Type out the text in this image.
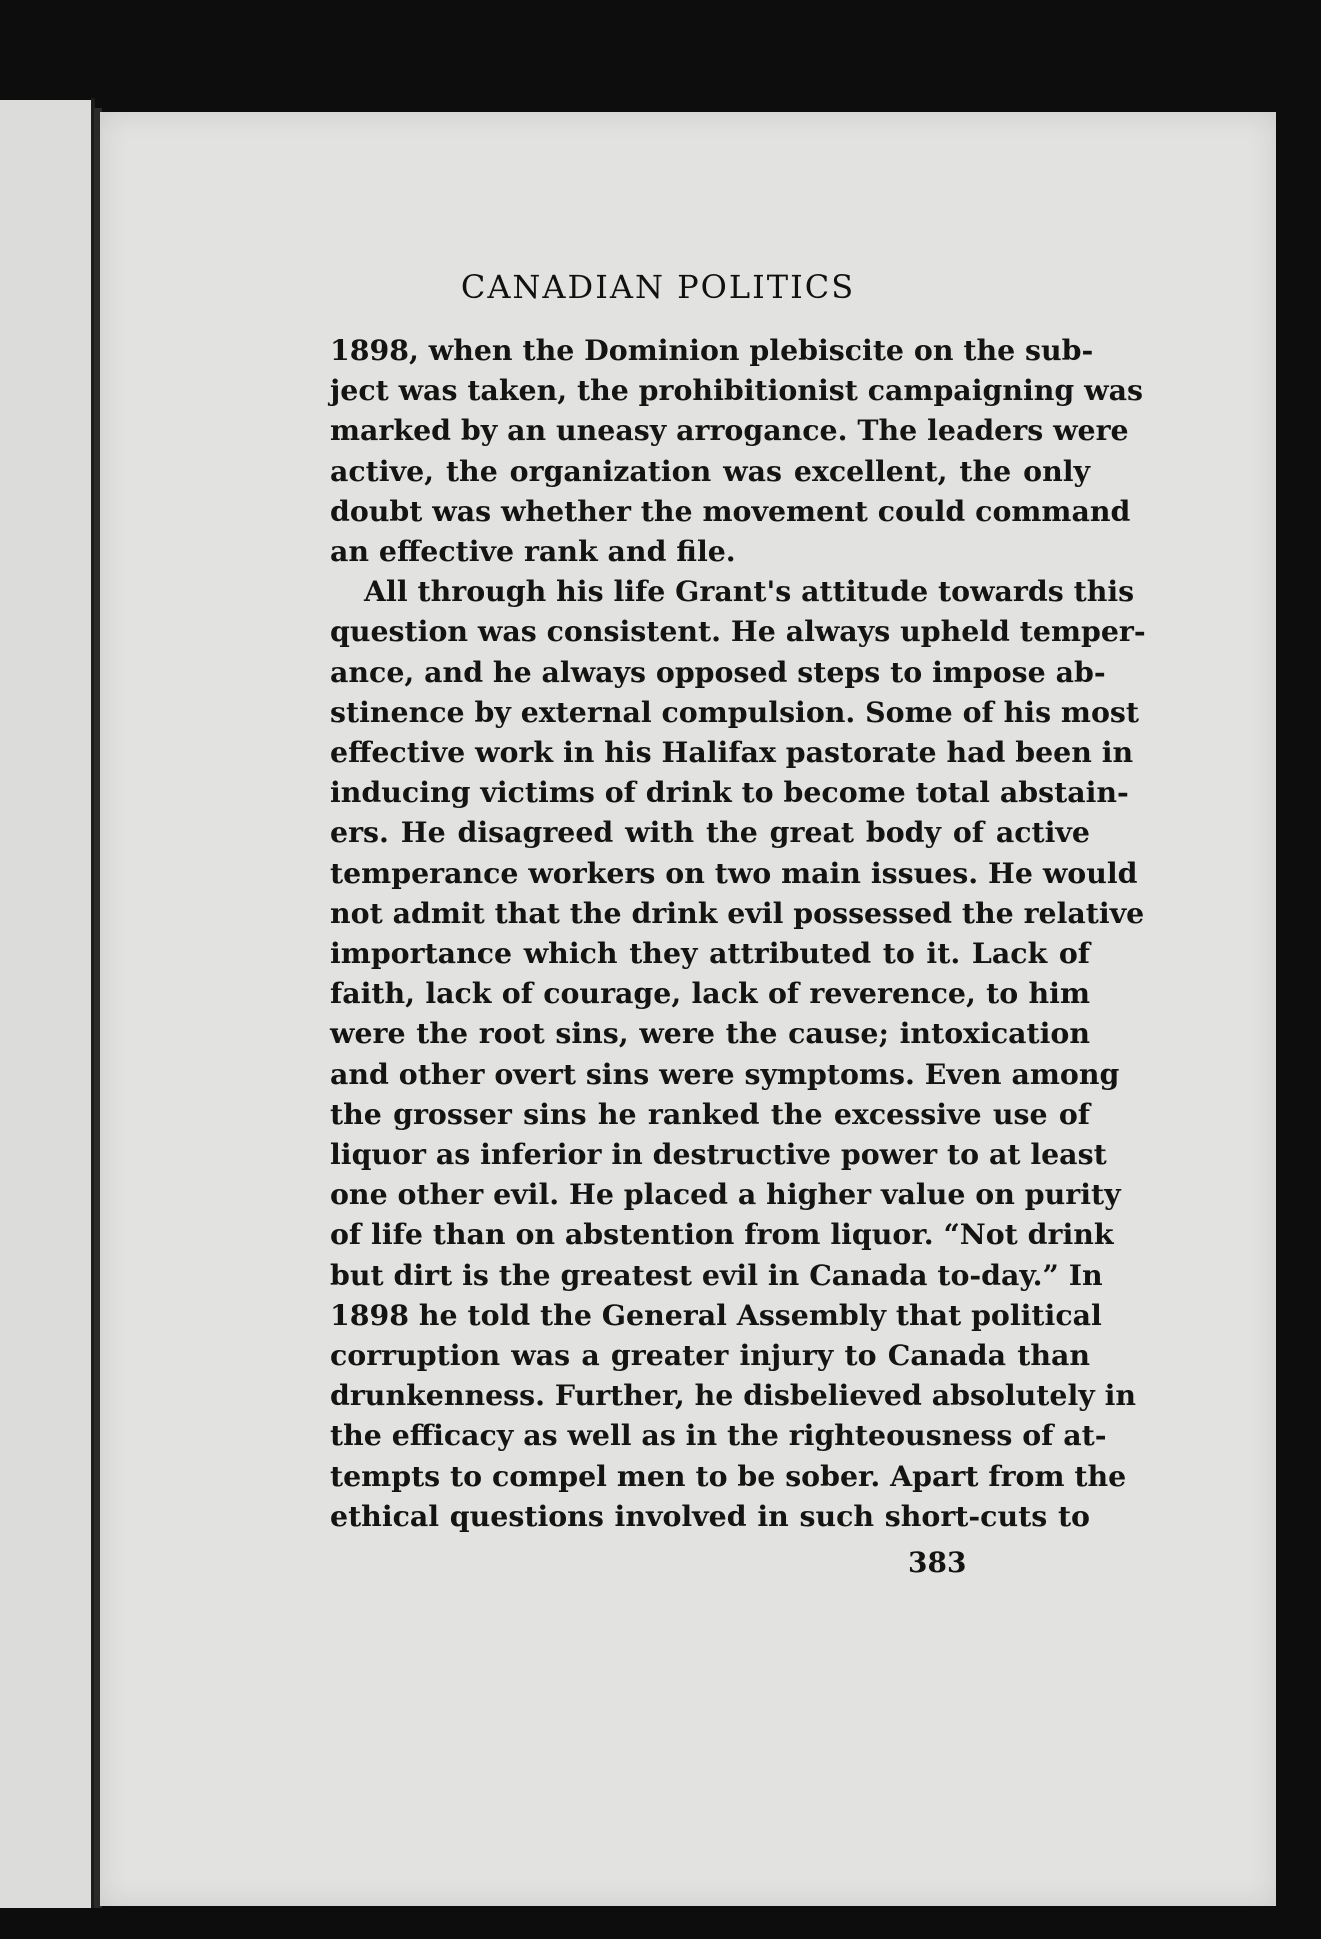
CANADIAN POLITICS
1898, when the Dominion plebiscite on the sub-
ject was taken, the prohibitionist campaigning was
marked by an uneasy arrogance. The leaders were
active, the organization was excellent, the only
doubt was whether the movement could command
an effective rank and file.
All through his life Grant's attitude towards this
question was consistent. He always upheld temper-
ance, and he always opposed steps to impose ab-
stinence by external compulsion. Some of his most
effective work in his Halifax pastorate had been in
inducing victims of drink to become total abstain-
ers. He disagreed with the great body of active
temperance workers on two main issues. He would
not admit that the drink evil possessed the relative
importance which they attributed to it. Lack of
faith, lack of courage, lack of reverence, to him
were the root sins, were the cause; intoxication
and other overt sins were symptoms. Even among
the grosser sins he ranked the excessive use of
liquor as inferior in destructive power to at least
one other evil. He placed a higher value on purity
of life than on abstention from liquor. “Not drink
but dirt is the greatest evil in Canada to-day.” In
1898 he told the General Assembly that political
corruption was a greater injury to Canada than
drunkenness. Further, he disbelieved absolutely in
the efficacy as well as in the righteousness of at-
tempts to compel men to be sober. Apart from the
ethical questions involved in such short-cuts to
383
